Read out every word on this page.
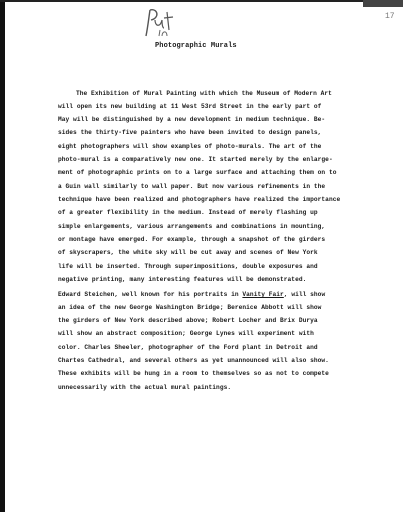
17
Photographic Murals
The Exhibition of Mural Painting with which the Museum of Modern Art
will open its new building at 11 West 53rd Street in the early part of
May will be distinguished by a new development in medium technique. Be-
sides the thirty-five painters who have been invited to design panels,
eight photographers will show examples of photo-murals. The art of the
photo-mural is a comparatively new one. It started merely by the enlarge-
ment of photographic prints on to a large surface and attaching them on to
a Guin wall similarly to wall paper. But now various refinements in the
technique have been realized and photographers have realized the importance
of a greater flexibility in the medium. Instead of merely flashing up
simple enlargements, various arrangements and combinations in mounting,
or montage have emerged. For example, through a snapshot of the girders
of skyscrapers, the white sky will be cut away and scenes of New York
life will be inserted. Through superimpositions, double exposures and
negative printing, many interesting features will be demonstrated.
Edward Steichen, well known for his portraits in Vanity Fair, will show
an idea of the new George Washington Bridge; Berenice Abbott will show
the girders of New York described above; Robert Locher and Brix Durya
will show an abstract composition; George Lynes will experiment with
color. Charles Sheeler, photographer of the Ford plant in Detroit and
Chartes Cathedral, and several others as yet unannounced will also show.
These exhibits will be hung in a room to themselves so as not to compete
unnecessarily with the actual mural paintings.
